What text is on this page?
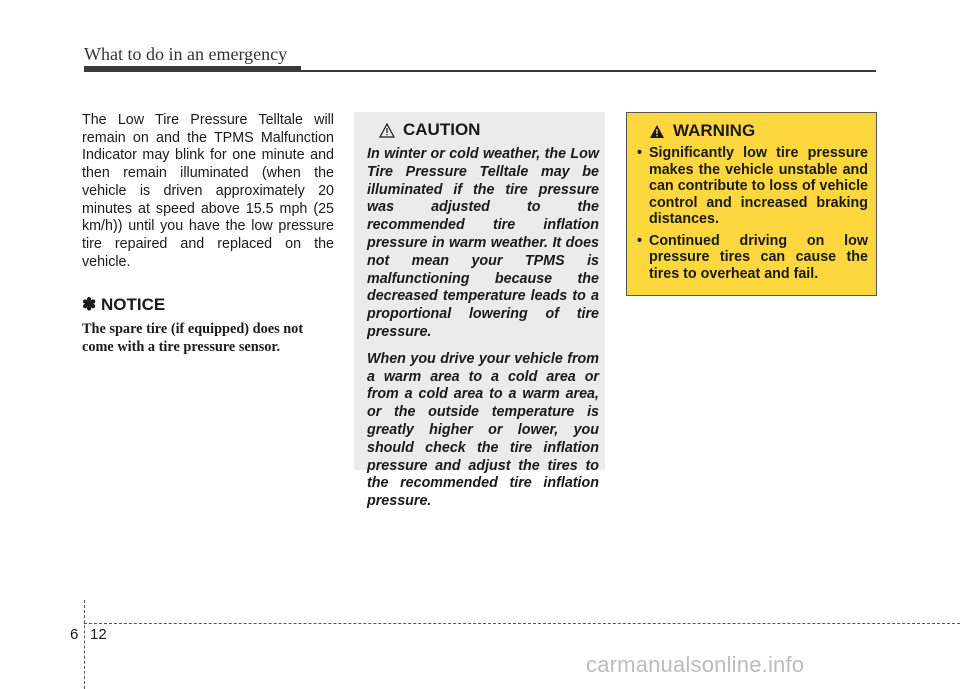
What to do in an emergency

The Low Tire Pressure Telltale will remain on and the TPMS Malfunction Indicator may blink for one minute and then remain illuminated (when the vehicle is driven approximately 20 minutes at speed above 15.5 mph (25 km/h)) until you have the low pressure tire repaired and replaced on the vehicle.

✽ NOTICE

The spare tire (if equipped) does not come with a tire pressure sensor.

CAUTION

In winter or cold weather, the Low Tire Pressure Telltale may be illuminated if the tire pressure was adjusted to the recommended tire inflation pressure in warm weather. It does not mean your TPMS is malfunctioning because the decreased temperature leads to a proportional lowering of tire pressure.

When you drive your vehicle from a warm area to a cold area or from a cold area to a warm area, or the outside temperature is greatly higher or lower, you should check the tire inflation pressure and adjust the tires to the recommended tire inflation pressure.

WARNING
• Significantly low tire pressure makes the vehicle unstable and can contribute to loss of vehicle control and increased braking distances.
• Continued driving on low pressure tires can cause the tires to overheat and fail.
6 12
carmanualsonline.info
